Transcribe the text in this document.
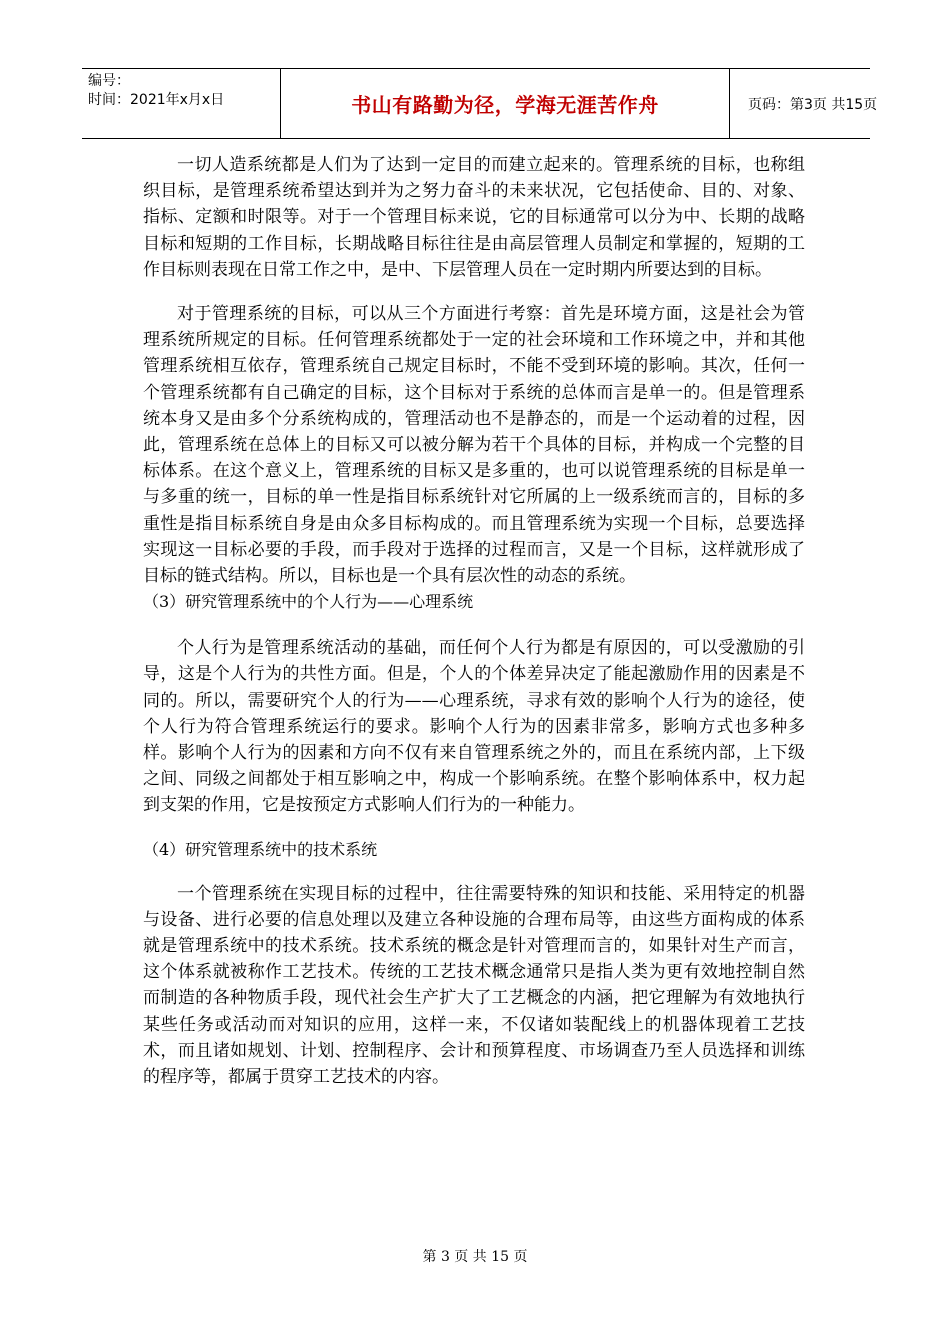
编号：
时间：2021年x月x日	书山有路勤为径，学海无涯苦作舟	页码：第3页 共15页

一切人造系统都是人们为了达到一定目的而建立起来的。管理系统的目标，也称组织目标，是管理系统希望达到并为之努力奋斗的未来状况，它包括使命、目的、对象、指标、定额和时限等。对于一个管理目标来说，它的目标通常可以分为中、长期的战略目标和短期的工作目标，长期战略目标往往是由高层管理人员制定和掌握的，短期的工作目标则表现在日常工作之中，是中、下层管理人员在一定时期内所要达到的目标。

对于管理系统的目标，可以从三个方面进行考察：首先是环境方面，这是社会为管理系统所规定的目标。任何管理系统都处于一定的社会环境和工作环境之中，并和其他管理系统相互依存，管理系统自己规定目标时，不能不受到环境的影响。其次，任何一个管理系统都有自己确定的目标，这个目标对于系统的总体而言是单一的。但是管理系统本身又是由多个分系统构成的，管理活动也不是静态的，而是一个运动着的过程，因此，管理系统在总体上的目标又可以被分解为若干个具体的目标，并构成一个完整的目标体系。在这个意义上，管理系统的目标又是多重的，也可以说管理系统的目标是单一与多重的统一，目标的单一性是指目标系统针对它所属的上一级系统而言的，目标的多重性是指目标系统自身是由众多目标构成的。而且管理系统为实现一个目标，总要选择实现这一目标必要的手段，而手段对于选择的过程而言，又是一个目标，这样就形成了目标的链式结构。所以，目标也是一个具有层次性的动态的系统。

（3）研究管理系统中的个人行为——心理系统

个人行为是管理系统活动的基础，而任何个人行为都是有原因的，可以受激励的引导，这是个人行为的共性方面。但是，个人的个体差异决定了能起激励作用的因素是不同的。所以，需要研究个人的行为——心理系统，寻求有效的影响个人行为的途径，使个人行为符合管理系统运行的要求。影响个人行为的因素非常多，影响方式也多种多样。影响个人行为的因素和方向不仅有来自管理系统之外的，而且在系统内部，上下级之间、同级之间都处于相互影响之中，构成一个影响系统。在整个影响体系中，权力起到支架的作用，它是按预定方式影响人们行为的一种能力。

（4）研究管理系统中的技术系统

一个管理系统在实现目标的过程中，往往需要特殊的知识和技能、采用特定的机器与设备、进行必要的信息处理以及建立各种设施的合理布局等，由这些方面构成的体系就是管理系统中的技术系统。技术系统的概念是针对管理而言的，如果针对生产而言，这个体系就被称作工艺技术。传统的工艺技术概念通常只是指人类为更有效地控制自然而制造的各种物质手段，现代社会生产扩大了工艺概念的内涵，把它理解为有效地执行某些任务或活动而对知识的应用，这样一来，不仅诸如装配线上的机器体现着工艺技术，而且诸如规划、计划、控制程序、会计和预算程度、市场调查乃至人员选择和训练的程序等，都属于贯穿工艺技术的内容。

第 3 页 共 15 页
